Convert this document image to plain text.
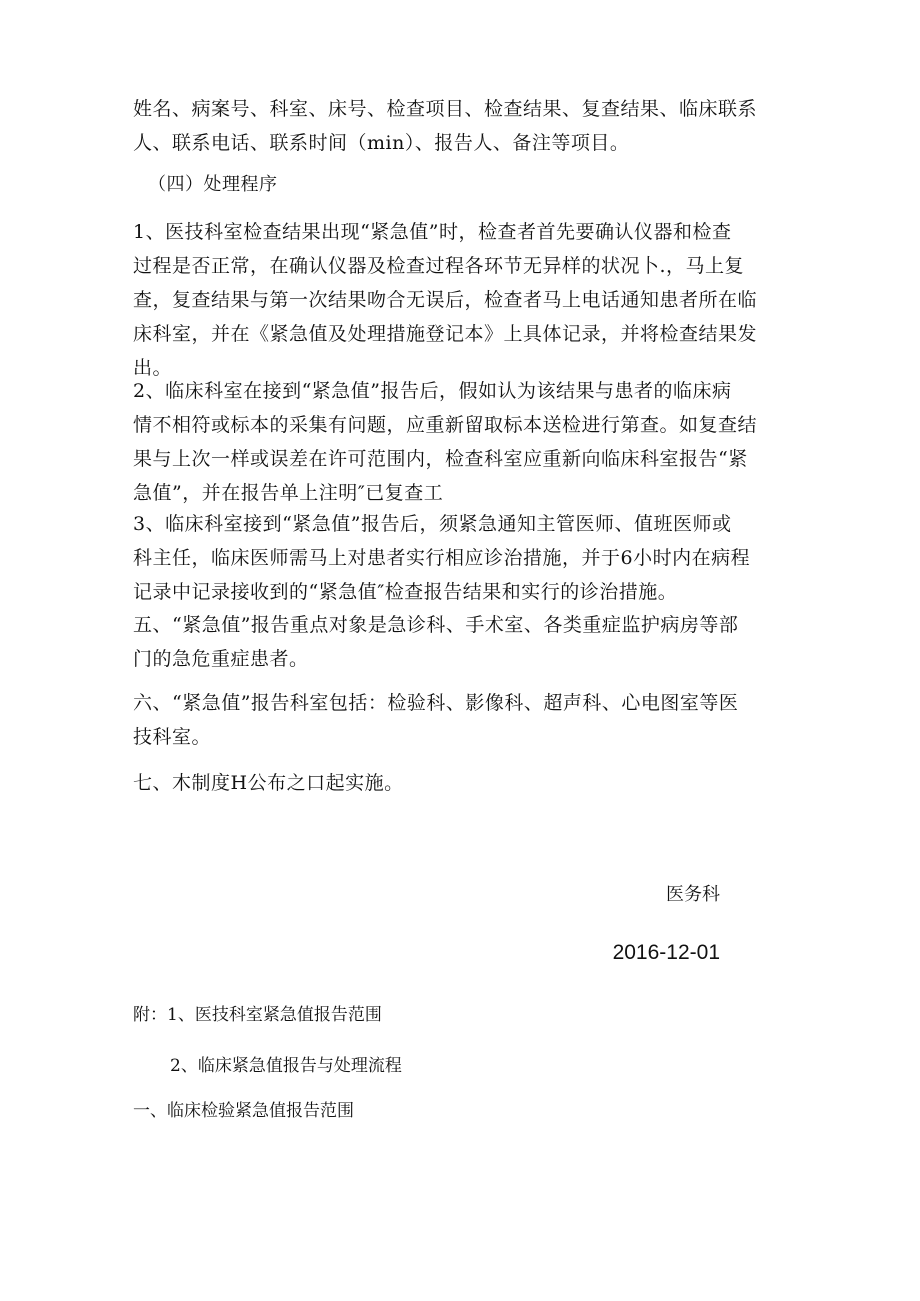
姓名、病案号、科室、床号、检查项目、检查结果、复查结果、临床联系
人、联系电话、联系时间（min）、报告人、备注等项目。

（四）处理程序

1、医技科室检查结果出现“紧急值”时，检查者首先要确认仪器和检查
过程是否正常，在确认仪器及检查过程各环节无异样的状况卜.，马上复
查，复查结果与第一次结果吻合无误后，检查者马上电话通知患者所在临
床科室，并在《紧急值及处理措施登记本》上具体记录，并将检查结果发
出。

2、临床科室在接到“紧急值”报告后，假如认为该结果与患者的临床病
情不相符或标本的采集有问题，应重新留取标本送检进行第查。如复查结
果与上次一样或误差在许可范围内，检查科室应重新向临床科室报告“紧
急值”，并在报告单上注明″已复查工

3、临床科室接到“紧急值”报告后，须紧急通知主管医师、值班医师或
科主任，临床医师需马上对患者实行相应诊治措施，并于6小时内在病程
记录中记录接收到的“紧急值″检查报告结果和实行的诊治措施。

五、“紧急值”报告重点对象是急诊科、手术室、各类重症监护病房等部
门的急危重症患者。

六、“紧急值”报告科室包括：检验科、影像科、超声科、心电图室等医
技科室。

七、木制度H公布之口起实施。

医务科

2016-12-01

附：1、医技科室紧急值报告范围

2、临床紧急值报告与处理流程

一、临床检验紧急值报告范围
